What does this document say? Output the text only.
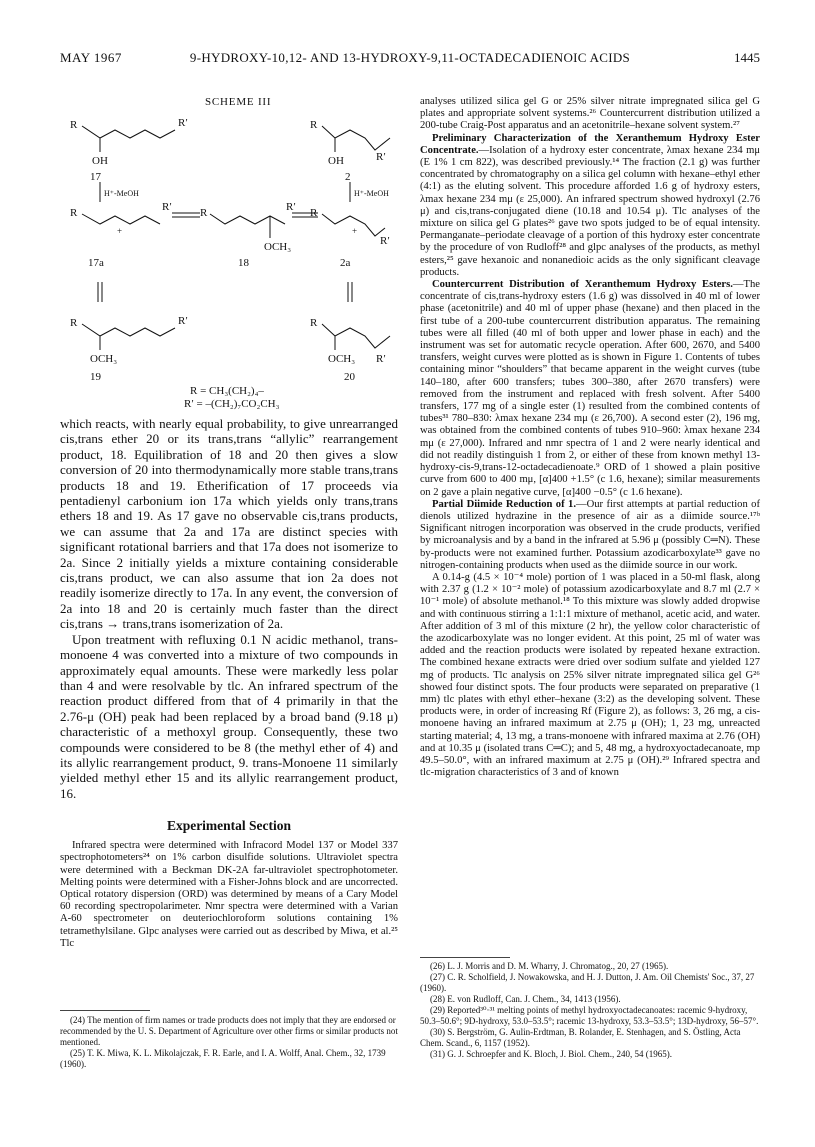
MAY 1967	9-HYDROXY-10,12- AND 13-HYDROXY-9,11-OCTADECADIENOIC ACIDS	1445
SCHEME III
R	R′
OH
17
H⁺-MeOH
R
OH	R′
2
H⁺-MeOH
R	R′
+
R	R′
OCH₃
R
R′
+
17a	18	2a
R	R′
OCH₃
19
R
OCH₃ R′
20
R = CH₃(CH₂)₄–
R′ = –(CH₂)₇CO₂CH₃

which reacts, with nearly equal probability, to give unrearranged cis,trans ether 20 or its trans,trans “allylic” rearrangement product, 18. Equilibration of 18 and 20 then gives a slow conversion of 20 into thermodynamically more stable trans,trans products 18 and 19. Etherification of 17 proceeds via pentadienyl carbonium ion 17a which yields only trans,trans ethers 18 and 19. As 17 gave no observable cis,trans products, we can assume that 2a and 17a are distinct species with significant rotational barriers and that 17a does not isomerize to 2a. Since 2 initially yields a mixture containing considerable cis,trans product, we can also assume that ion 2a does not readily isomerize directly to 17a. In any event, the conversion of 2a into 18 and 20 is certainly much faster than the direct cis,trans → trans,trans isomerization of 2a.

Upon treatment with refluxing 0.1 N acidic methanol, trans-monoene 4 was converted into a mixture of two compounds in approximately equal amounts. These were markedly less polar than 4 and were resolvable by tlc. An infrared spectrum of the reaction product differed from that of 4 primarily in that the 2.76-μ (OH) peak had been replaced by a broad band (9.18 μ) characteristic of a methoxyl group. Consequently, these two compounds were considered to be 8 (the methyl ether of 4) and its allylic rearrangement product, 9. trans-Monoene 11 similarly yielded methyl ether 15 and its allylic rearrangement product, 16.

Experimental Section

Infrared spectra were determined with Infracord Model 137 or Model 337 spectrophotometers²⁴ on 1% carbon disulfide solutions. Ultraviolet spectra were determined with a Beckman DK-2A far-ultraviolet spectrophotometer. Melting points were determined with a Fisher-Johns block and are uncorrected. Optical rotatory dispersion (ORD) was determined by means of a Cary Model 60 recording spectropolarimeter. Nmr spectra were determined with a Varian A-60 spectrometer on deuteriochloroform solutions containing 1% tetramethylsilane. Glpc analyses were carried out as described by Miwa, et al.²⁵ Tlc

(24) The mention of firm names or trade products does not imply that they are endorsed or recommended by the U. S. Department of Agriculture over other firms or similar products not mentioned.

(25) T. K. Miwa, K. L. Mikolajczak, F. R. Earle, and I. A. Wolff, Anal. Chem., 32, 1739 (1960).

analyses utilized silica gel G or 25% silver nitrate impregnated silica gel G plates and appropriate solvent systems.²⁶ Countercurrent distribution utilized a 200-tube Craig-Post apparatus and an acetonitrile–hexane solvent system.²⁷

Preliminary Characterization of the Xeranthemum Hydroxy Ester Concentrate.—Isolation of a hydroxy ester concentrate, λmax hexane 234 mμ (E 1% 1 cm 822), was described previously.¹⁴ The fraction (2.1 g) was further concentrated by chromatography on a silica gel column with hexane–ethyl ether (4:1) as the eluting solvent. This procedure afforded 1.6 g of hydroxy esters, λmax hexane 234 mμ (ε 25,000). An infrared spectrum showed hydroxyl (2.76 μ) and cis,trans-conjugated diene (10.18 and 10.54 μ). Tlc analyses of the mixture on silica gel G plates²⁶ gave two spots judged to be of equal intensity. Permanganate–periodate cleavage of a portion of this hydroxy ester concentrate by the procedure of von Rudloff²⁸ and glpc analyses of the products, as methyl esters,²⁵ gave hexanoic and nonanedioic acids as the only significant cleavage products.

Countercurrent Distribution of Xeranthemum Hydroxy Esters.—The concentrate of cis,trans-hydroxy esters (1.6 g) was dissolved in 40 ml of lower phase (acetonitrile) and 40 ml of upper phase (hexane) and then placed in the first tube of a 200-tube countercurrent distribution apparatus. The remaining tubes were all filled (40 ml of both upper and lower phase in each) and the instrument was set for automatic recycle operation. After 600, 2670, and 5400 transfers, weight curves were plotted as is shown in Figure 1. Contents of tubes containing minor “shoulders” that became apparent in the weight curves (tube 140–180, after 600 transfers; tubes 300–380, after 2670 transfers) were removed from the instrument and replaced with fresh solvent. After 5400 transfers, 177 mg of a single ester (1) resulted from the combined contents of tubes³¹ 780–830: λmax hexane 234 mμ (ε 26,700). A second ester (2), 196 mg, was obtained from the combined contents of tubes 910–960: λmax hexane 234 mμ (ε 27,000). Infrared and nmr spectra of 1 and 2 were nearly identical and did not readily distinguish 1 from 2, or either of these from known methyl 13-hydroxy-cis-9,trans-12-octadecadienoate.⁹ ORD of 1 showed a plain positive curve from 600 to 400 mμ, [α]400 +1.5° (c 1.6, hexane); similar measurements on 2 gave a plain negative curve, [α]400 −0.5° (c 1.6 hexane).

Partial Diimide Reduction of 1.—Our first attempts at partial reduction of dienols utilized hydrazine in the presence of air as a diimide source.¹⁷ᵇ Significant nitrogen incorporation was observed in the crude products, verified by microanalysis and by a band in the infrared at 5.96 μ (possibly C═N). These by-products were not examined further. Potassium azodicarboxylate³³ gave no nitrogen-containing products when used as the diimide source in our work.

A 0.14-g (4.5 × 10⁻⁴ mole) portion of 1 was placed in a 50-ml flask, along with 2.37 g (1.2 × 10⁻² mole) of potassium azodicarboxylate and 8.7 ml (2.7 × 10⁻¹ mole) of absolute methanol.¹⁸ To this mixture was slowly added dropwise and with continuous stirring a 1:1:1 mixture of methanol, acetic acid, and water. After addition of 3 ml of this mixture (2 hr), the yellow color characteristic of the azodicarboxylate was no longer evident. At this point, 25 ml of water was added and the reaction products were isolated by repeated hexane extraction. The combined hexane extracts were dried over sodium sulfate and yielded 127 mg of products. Tlc analysis on 25% silver nitrate impregnated silica gel G²⁶ showed four distinct spots. The four products were separated on preparative (1 mm) tlc plates with ethyl ether–hexane (3:2) as the developing solvent. These products were, in order of increasing Rf (Figure 2), as follows: 3, 26 mg, a cis-monoene having an infrared maximum at 2.75 μ (OH); 1, 23 mg, unreacted starting material; 4, 13 mg, a trans-monoene with infrared maxima at 2.76 (OH) and at 10.35 μ (isolated trans C═C); and 5, 48 mg, a hydroxyoctadecanoate, mp 49.5–50.0°, with an infrared maximum at 2.75 μ (OH).²⁹ Infrared spectra and tlc-migration characteristics of 3 and of known

(26) L. J. Morris and D. M. Wharry, J. Chromatog., 20, 27 (1965).

(27) C. R. Scholfield, J. Nowakowska, and H. J. Dutton, J. Am. Oil Chemists' Soc., 37, 27 (1960).

(28) E. von Rudloff, Can. J. Chem., 34, 1413 (1956).

(29) Reported³⁰·³¹ melting points of methyl hydroxyoctadecanoates: racemic 9-hydroxy, 50.3–50.6°; 9D-hydroxy, 53.0–53.5°; racemic 13-hydroxy, 53.3–53.5°; 13D-hydroxy, 56–57°.

(30) S. Bergström, G. Aulin-Erdtman, B. Rolander, E. Stenhagen, and S. Östling, Acta Chem. Scand., 6, 1157 (1952).

(31) G. J. Schroepfer and K. Bloch, J. Biol. Chem., 240, 54 (1965).
